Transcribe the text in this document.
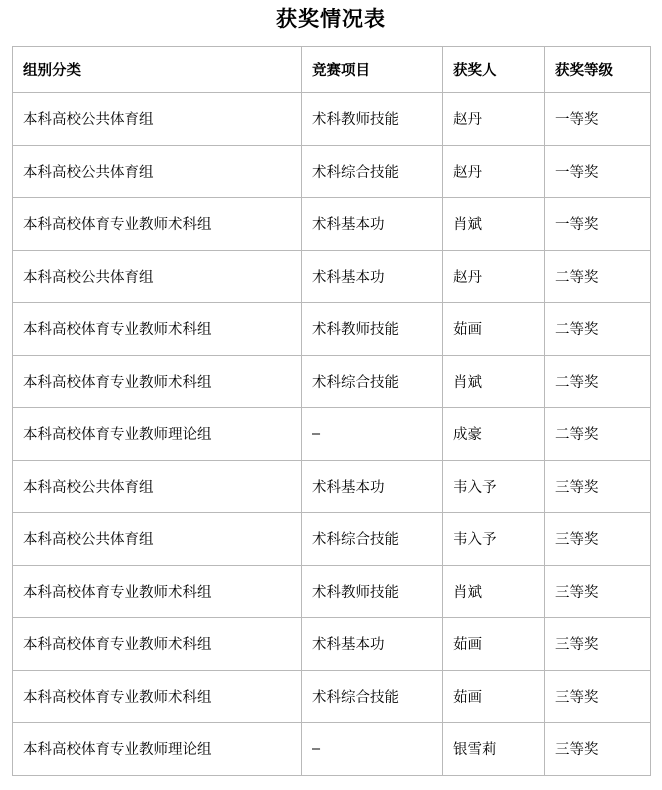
获奖情况表
组别分类	竞赛项目	获奖人	获奖等级
本科高校公共体育组	术科教师技能	赵丹	一等奖
本科高校公共体育组	术科综合技能	赵丹	一等奖
本科高校体育专业教师术科组	术科基本功	肖斌	一等奖
本科高校公共体育组	术科基本功	赵丹	二等奖
本科高校体育专业教师术科组	术科教师技能	茹画	二等奖
本科高校体育专业教师术科组	术科综合技能	肖斌	二等奖
本科高校体育专业教师理论组	–	成豪	二等奖
本科高校公共体育组	术科基本功	韦入予	三等奖
本科高校公共体育组	术科综合技能	韦入予	三等奖
本科高校体育专业教师术科组	术科教师技能	肖斌	三等奖
本科高校体育专业教师术科组	术科基本功	茹画	三等奖
本科高校体育专业教师术科组	术科综合技能	茹画	三等奖
本科高校体育专业教师理论组	–	银雪莉	三等奖
